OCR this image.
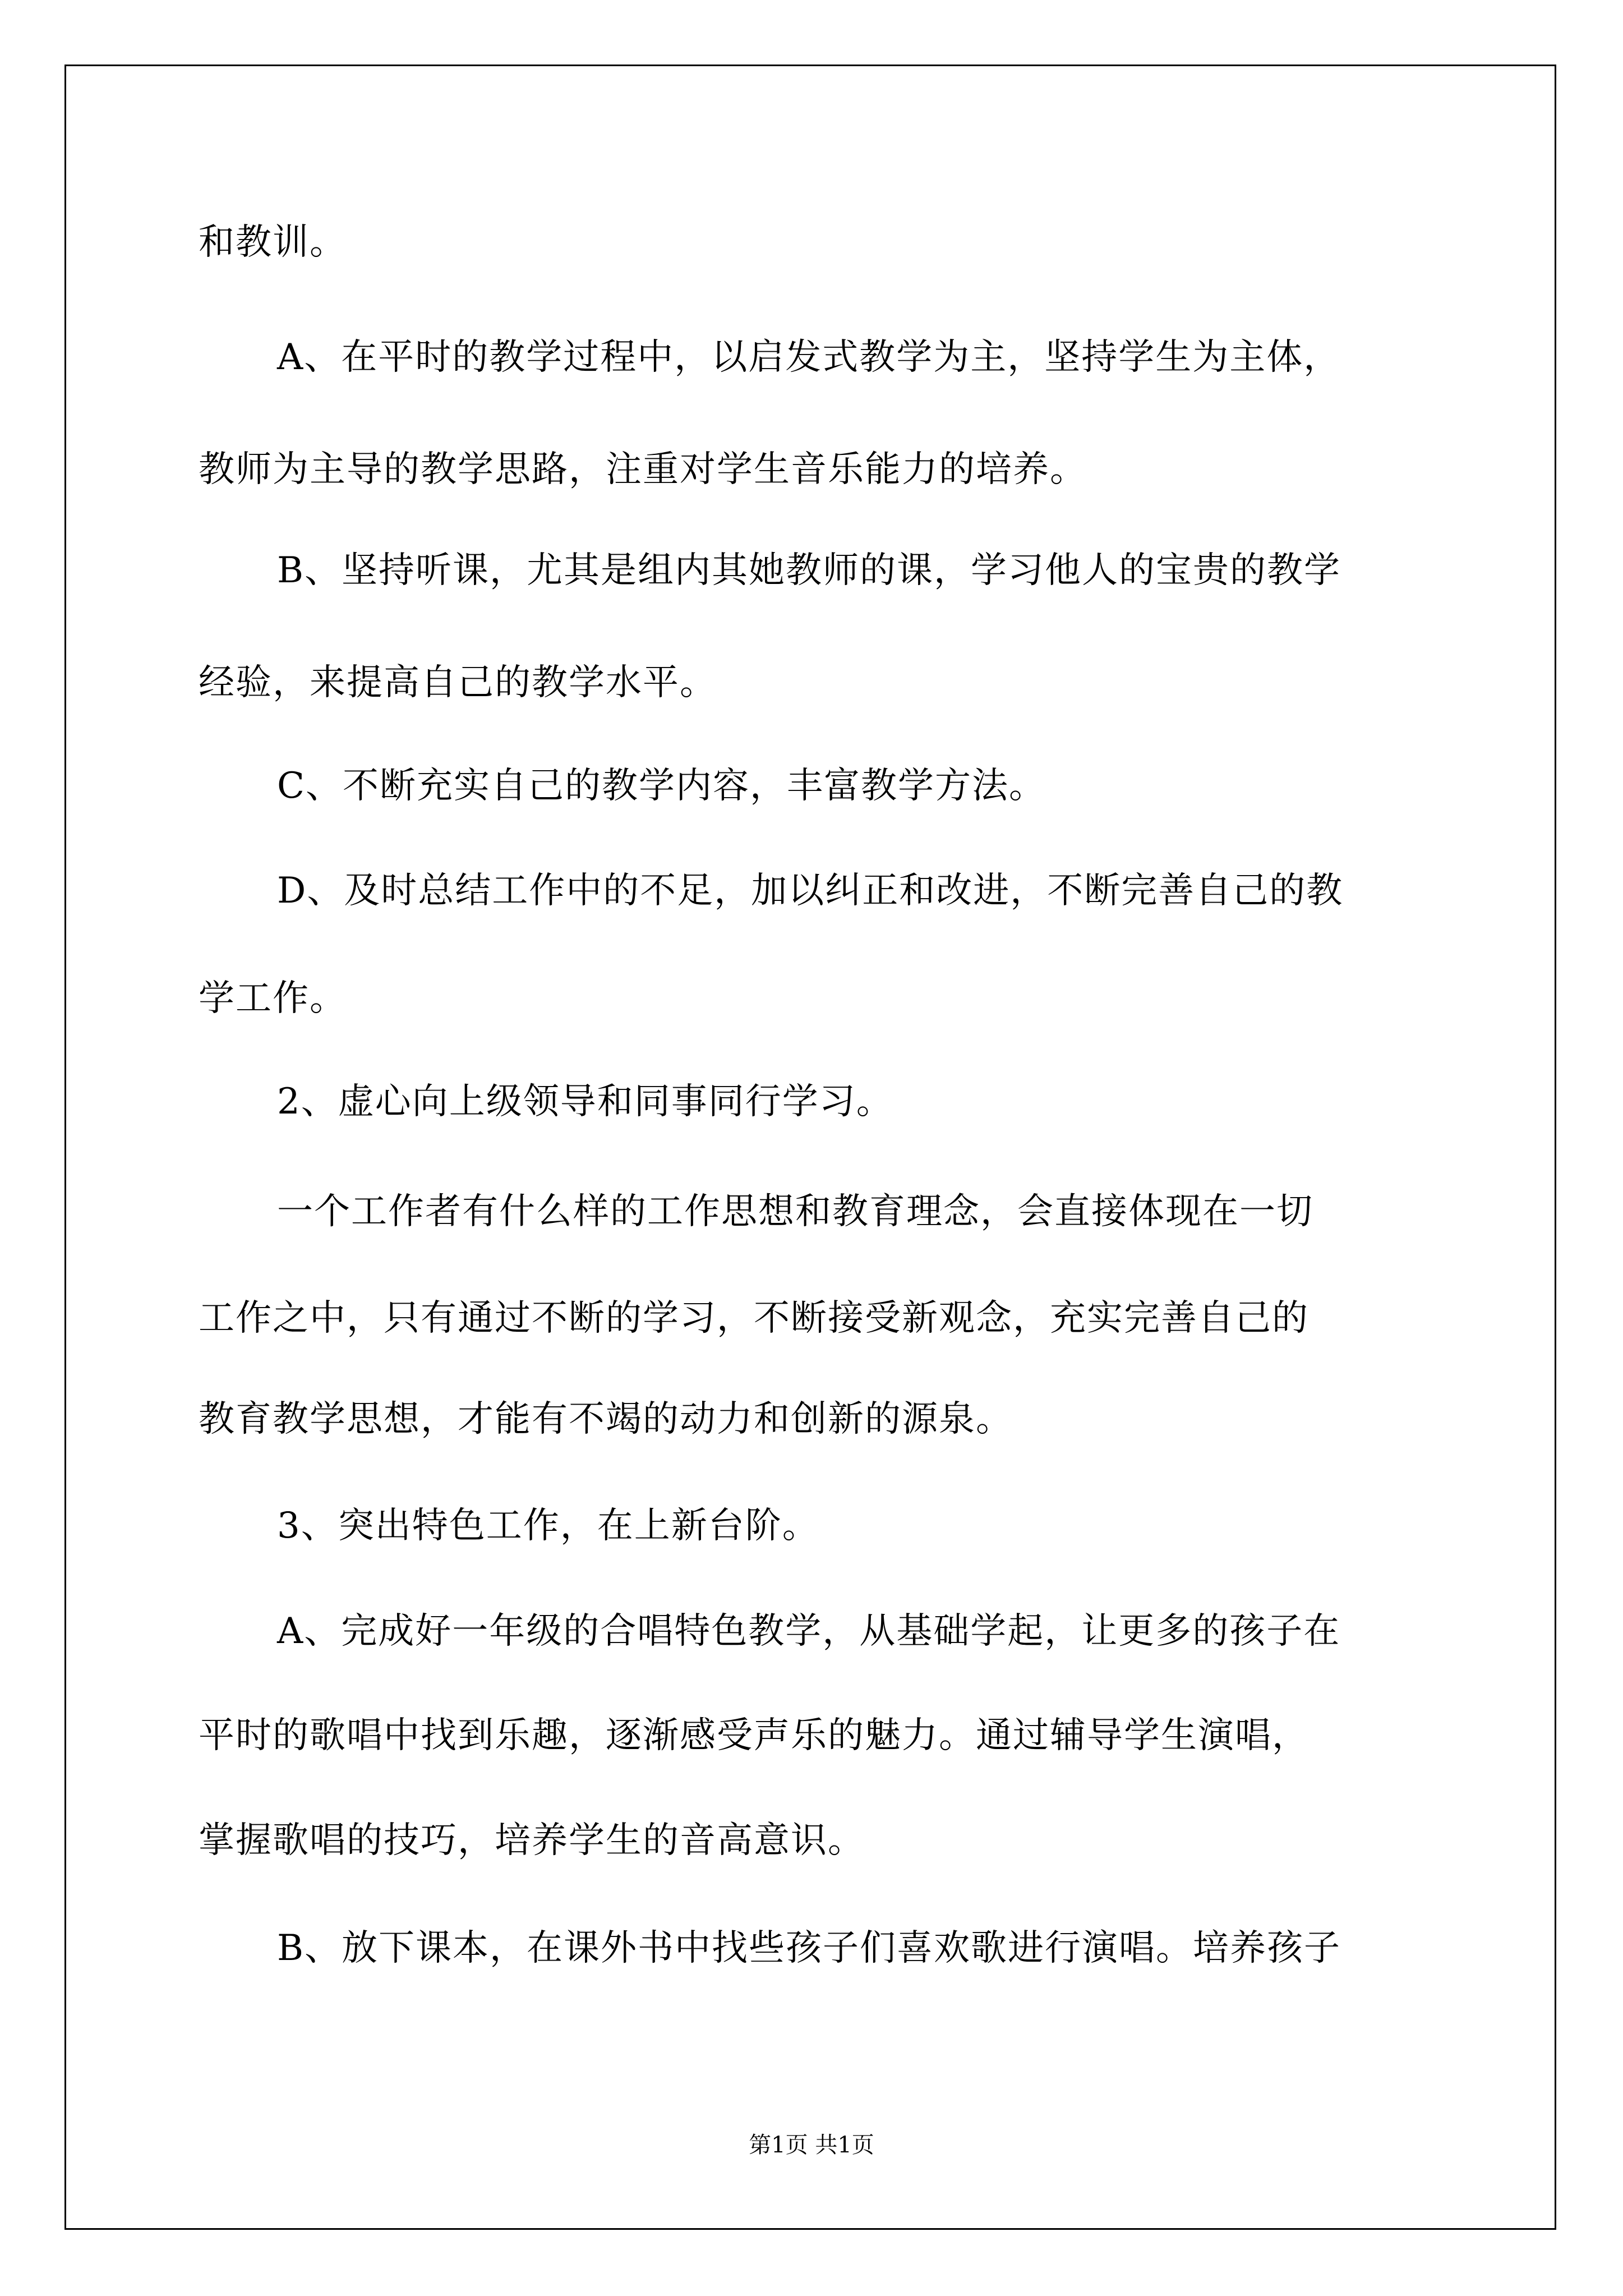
和教训。
A、在平时的教学过程中，以启发式教学为主，坚持学生为主体，
教师为主导的教学思路，注重对学生音乐能力的培养。
B、坚持听课，尤其是组内其她教师的课，学习他人的宝贵的教学
经验，来提高自己的教学水平。
C、不断充实自己的教学内容，丰富教学方法。
D、及时总结工作中的不足，加以纠正和改进，不断完善自己的教
学工作。
2、虚心向上级领导和同事同行学习。
一个工作者有什么样的工作思想和教育理念，会直接体现在一切
工作之中，只有通过不断的学习，不断接受新观念，充实完善自己的
教育教学思想，才能有不竭的动力和创新的源泉。
3、突出特色工作，在上新台阶。
A、完成好一年级的合唱特色教学，从基础学起，让更多的孩子在
平时的歌唱中找到乐趣，逐渐感受声乐的魅力。通过辅导学生演唱，
掌握歌唱的技巧，培养学生的音高意识。
B、放下课本，在课外书中找些孩子们喜欢歌进行演唱。培养孩子
第1页 共1页
